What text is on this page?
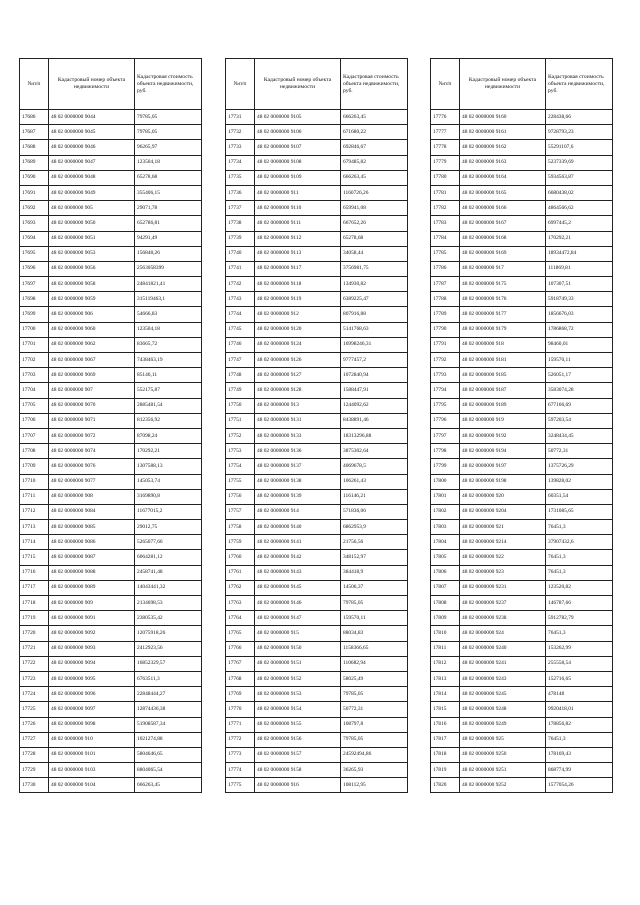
№п/п	Кадастровый номер объекта недвижимости	Кадастровая стоимость объекта недвижимости, руб.
17686	48 02 0000000 9044	79785,05
17687	48 02 0000000 9045	79785,05
17688	48 02 0000000 9046	96265,97
17689	48 02 0000000 9047	123504,18
17690	48 02 0000000 9048	65278,68
17691	48 02 0000000 9049	355406,15
17692	48 02 0000000 905	29071,78
17693	48 02 0000000 9050	652786,81
17694	48 02 0000000 9051	94291,49
17695	48 02 0000000 9053	156848,26
17696	48 02 0000000 9056	2563058399
17697	48 02 0000000 9058	24841821,41
17698	48 02 0000000 9059	315119463,1
17699	48 02 0000000 906	54666,83
17700	48 02 0000000 9060	123504,18
17701	48 02 0000000 9062	83665,72
17702	48 02 0000000 9067	7438463,19
17703	48 02 0000000 9069	85146,11
17704	48 02 0000000 907	552175,87
17705	48 02 0000000 9070	2885481,54
17706	48 02 0000000 9071	812356,92
17707	48 02 0000000 9072	87098,24
17708	48 02 0000000 9074	170292,21
17709	48 02 0000000 9076	1307588,13
17710	48 02 0000000 9077	145053,74
17711	48 02 0000000 908	3169890,8
17712	48 02 0000000 9084	11677015,2
17713	48 02 0000000 9085	29012,75
17714	48 02 0000000 9086	5265077,66
17715	48 02 0000000 9087	6064281,12
17716	48 02 0000000 9088	2458741,48
17717	48 02 0000000 9089	14043441,32
17718	48 02 0000000 909	2134698,53
17719	48 02 0000000 9091	2380535,42
17720	48 02 0000000 9092	12075918,26
17721	48 02 0000000 9093	2412923,56
17722	48 02 0000000 9094	16852329,57
17723	48 02 0000000 9095	6763511,3
17724	48 02 0000000 9096	22848444,27
17725	48 02 0000000 9097	12874436,38
17726	48 02 0000000 9098	51908587,34
17727	48 02 0000000 910	1021274,88
17728	48 02 0000000 9101	5804646,65
17729	48 02 0000000 9103	8804065,54
17730	48 02 0000000 9104	666263,45
№п/п	Кадастровый номер объекта недвижимости	Кадастровая стоимость объекта недвижимости, руб.
17731	48 02 0000000 9105	666263,45
17732	48 02 0000000 9106	671680,22
17733	48 02 0000000 9107	692846,67
17734	48 02 0000000 9108	679485,82
17735	48 02 0000000 9109	666263,45
17736	48 02 0000000 911	1160726,26
17737	48 02 0000000 9110	659941,08
17738	48 02 0000000 9111	667652,26
17739	48 02 0000000 9112	65278,68
17740	48 02 0000000 9113	34058,44
17741	48 02 0000000 9117	3756981,75
17742	48 02 0000000 9118	134930,82
17743	48 02 0000000 9119	6389225,47
17744	48 02 0000000 912	807916,88
17745	48 02 0000000 9120	5141768,63
17746	48 02 0000000 9124	16998246,31
17747	48 02 0000000 9126	9777457,2
17748	48 02 0000000 9127	1072840,94
17749	48 02 0000000 9128	1588447,91
17750	48 02 0000000 913	1244092,62
17751	48 02 0000000 9131	8438891,46
17752	48 02 0000000 9133	18313296,88
17753	48 02 0000000 9136	3875302,64
17754	48 02 0000000 9137	4069678,5
17755	48 02 0000000 9138	106261,43
17756	48 02 0000000 9139	116146,21
17757	48 02 0000000 914	571836,06
17758	48 02 0000000 9140	6862953,9
17759	48 02 0000000 9141	21756,56
17760	48 02 0000000 9142	348152,97
17761	48 02 0000000 9143	384418,9
17762	48 02 0000000 9145	14506,37
17763	48 02 0000000 9146	79785,05
17764	48 02 0000000 9147	159570,11
17765	48 02 0000000 915	88034,83
17766	48 02 0000000 9150	1158366,65
17767	48 02 0000000 9151	110682,94
17768	48 02 0000000 9152	58025,49
17769	48 02 0000000 9153	79785,05
17770	48 02 0000000 9154	50772,31
17771	48 02 0000000 9155	108797,8
17772	48 02 0000000 9156	79785,05
17773	48 02 0000000 9157	24592494,86
17774	48 02 0000000 9158	36265,93
17775	48 02 0000000 916	108112,95
№п/п	Кадастровый номер объекта недвижимости	Кадастровая стоимость объекта недвижимости, руб.
17776	48 02 0000000 9160	228438,66
17777	48 02 0000000 9161	9728793,23
17778	48 02 0000000 9162	55291107,6
17779	48 02 0000000 9163	5237339,69
17780	48 02 0000000 9164	5934563,87
17781	48 02 0000000 9165	6680438,02
17782	48 02 0000000 9166	4864566,62
17783	48 02 0000000 9167	6997445,2
17784	48 02 0000000 9168	170292,21
17785	48 02 0000000 9169	18934472,84
17786	48 02 0000000 917	111869,81
17787	48 02 0000000 9175	107307,51
17788	48 02 0000000 9176	5918749,33
17789	48 02 0000000 9177	1856676,03
17790	48 02 0000000 9179	1786868,72
17791	48 02 0000000 918	98460,01
17792	48 02 0000000 9181	159570,11
17793	48 02 0000000 9185	526051,17
17794	48 02 0000000 9187	3583074,28
17795	48 02 0000000 9189	677166,69
17796	48 02 0000000 919	597203,54
17797	48 02 0000000 9192	3248434,45
17798	48 02 0000000 9194	50772,31
17799	48 02 0000000 9197	1375726,29
17800	48 02 0000000 9198	139828,02
17801	48 02 0000000 920	60351,54
17802	48 02 0000000 9204	1731085,65
17803	48 02 0000000 921	76451,3
17804	48 02 0000000 9214	37907432,6
17805	48 02 0000000 922	76451,3
17806	48 02 0000000 923	76451,3
17807	48 02 0000000 9231	123520,82
17808	48 02 0000000 9237	146787,66
17809	48 02 0000000 9238	5912782,79
17810	48 02 0000000 924	76451,3
17811	48 02 0000000 9240	153262,99
17812	48 02 0000000 9241	255558,54
17813	48 02 0000000 9243	152716,65
17814	48 02 0000000 9245	478148
17815	48 02 0000000 9248	9920418,01
17816	48 02 0000000 9249	178856,82
17817	48 02 0000000 925	76451,3
17818	48 02 0000000 9250	178169,43
17819	48 02 0000000 9251	868774,99
17820	48 02 0000000 9252	1577054,26
